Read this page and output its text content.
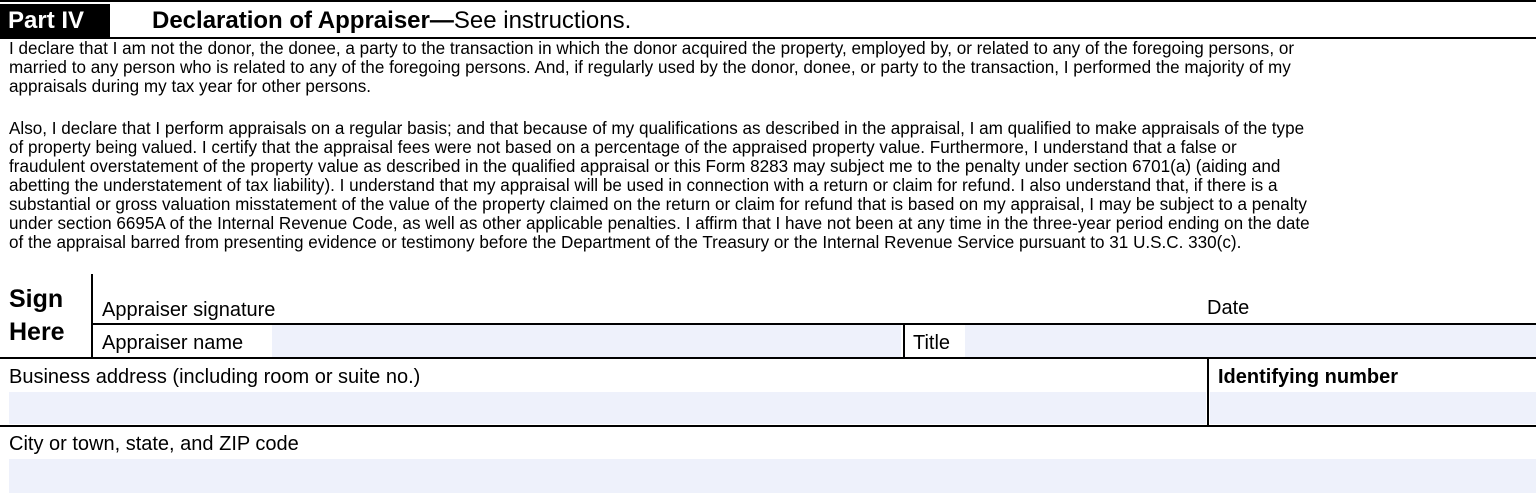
Part IV	Declaration of Appraiser—See instructions.
I declare that I am not the donor, the donee, a party to the transaction in which the donor acquired the property, employed by, or related to any of the foregoing persons, or
married to any person who is related to any of the foregoing persons. And, if regularly used by the donor, donee, or party to the transaction, I performed the majority of my
appraisals during my tax year for other persons.
Also, I declare that I perform appraisals on a regular basis; and that because of my qualifications as described in the appraisal, I am qualified to make appraisals of the type
of property being valued. I certify that the appraisal fees were not based on a percentage of the appraised property value. Furthermore, I understand that a false or
fraudulent overstatement of the property value as described in the qualified appraisal or this Form 8283 may subject me to the penalty under section 6701(a) (aiding and
abetting the understatement of tax liability). I understand that my appraisal will be used in connection with a return or claim for refund. I also understand that, if there is a
substantial or gross valuation misstatement of the value of the property claimed on the return or claim for refund that is based on my appraisal, I may be subject to a penalty
under section 6695A of the Internal Revenue Code, as well as other applicable penalties. I affirm that I have not been at any time in the three-year period ending on the date
of the appraisal barred from presenting evidence or testimony before the Department of the Treasury or the Internal Revenue Service pursuant to 31 U.S.C. 330(c).
Sign
Here
Appraiser signature	Date
Appraiser name	Title
Business address (including room or suite no.)	Identifying number
City or town, state, and ZIP code
